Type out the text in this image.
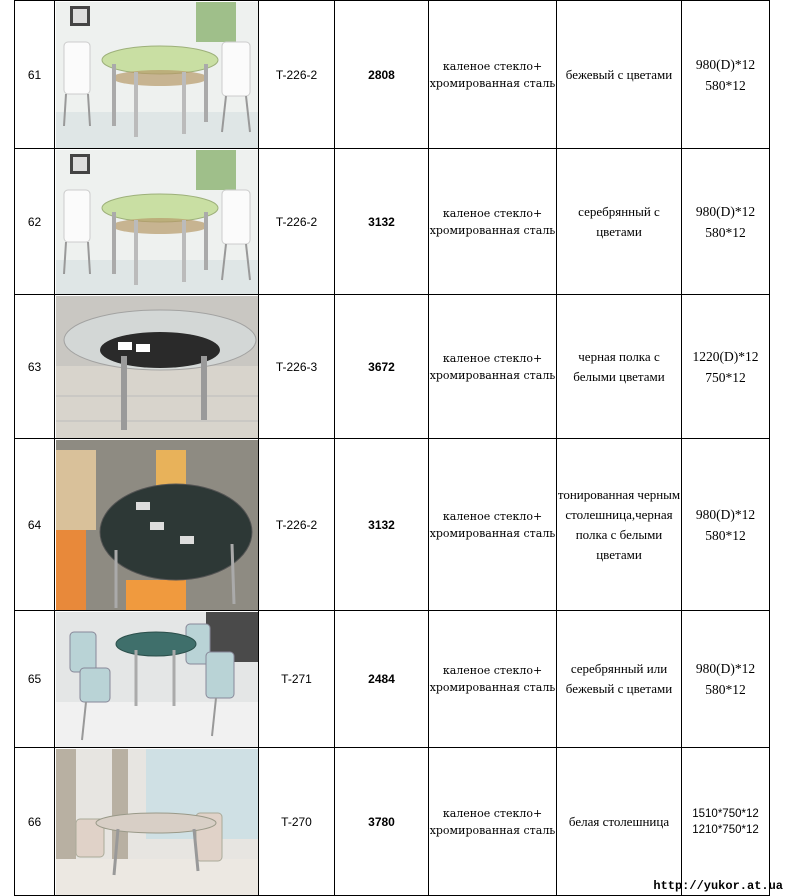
61		T-226-2	2808	каленое стекло+ хромированная сталь	бежевый с цветами	980(D)*12
580*12
62		T-226-2	3132	каленое стекло+ хромированная сталь	серебрянный с цветами	980(D)*12
580*12
63		T-226-3	3672	каленое стекло+ хромированная сталь	черная полка с белыми цветами	1220(D)*12
750*12
64		T-226-2	3132	каленое стекло+ хромированная сталь	тонированная черным столешница,черная полка с белыми цветами	980(D)*12
580*12
65		T-271	2484	каленое стекло+ хромированная сталь	серебрянный или бежевый с цветами	980(D)*12
580*12
66		T-270	3780	каленое стекло+ хромированная сталь	белая столешница	1510*750*12
1210*750*12
http://yukor.at.ua
